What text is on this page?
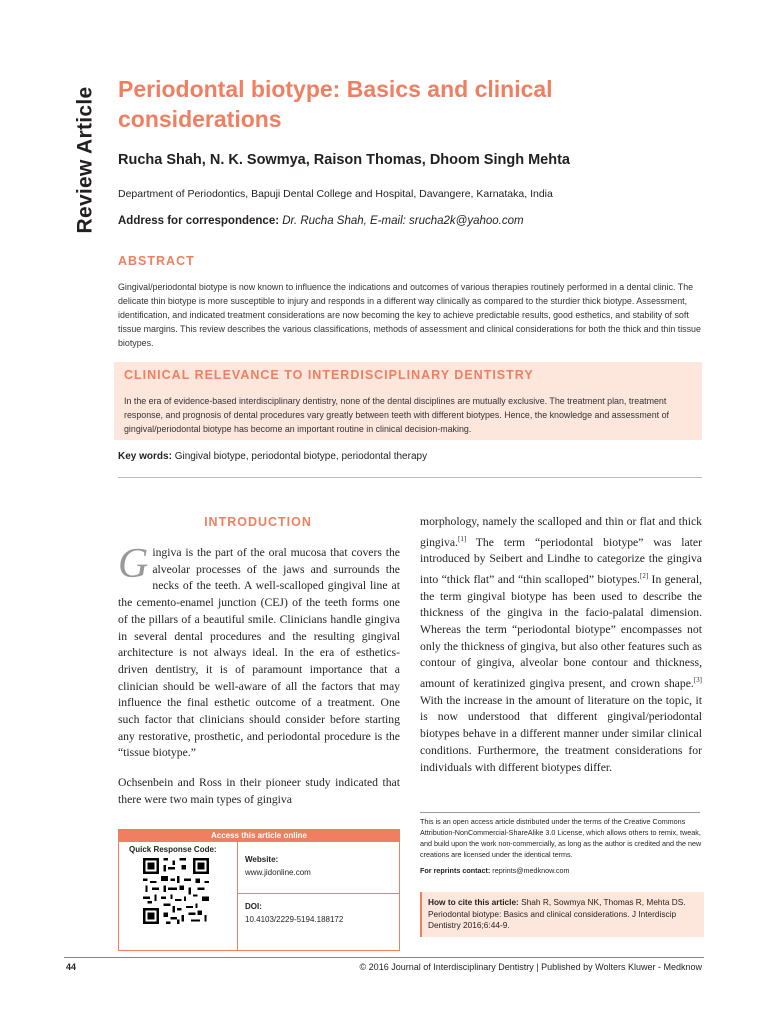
Review Article Periodontal biotype: Basics and clinical considerations
Rucha Shah, N. K. Sowmya, Raison Thomas, Dhoom Singh Mehta
Department of Periodontics, Bapuji Dental College and Hospital, Davangere, Karnataka, India
Address for correspondence: Dr. Rucha Shah, E-mail: srucha2k@yahoo.com
ABSTRACT
Gingival/periodontal biotype is now known to influence the indications and outcomes of various therapies routinely performed in a dental clinic. The delicate thin biotype is more susceptible to injury and responds in a different way clinically as compared to the sturdier thick biotype. Assessment, identification, and indicated treatment considerations are now becoming the key to achieve predictable results, good esthetics, and stability of soft tissue margins. This review describes the various classifications, methods of assessment and clinical considerations for both the thick and thin tissue biotypes.
CLINICAL RELEVANCE TO INTERDISCIPLINARY DENTISTRY
In the era of evidence-based interdisciplinary dentistry, none of the dental disciplines are mutually exclusive. The treatment plan, treatment response, and prognosis of dental procedures vary greatly between teeth with different biotypes. Hence, the knowledge and assessment of gingival/periodontal biotype has become an important routine in clinical decision-making.
Key words: Gingival biotype, periodontal biotype, periodontal therapy
INTRODUCTION
Gingiva is the part of the oral mucosa that covers the alveolar processes of the jaws and surrounds the necks of the teeth. A well-scalloped gingival line at the cemento-enamel junction (CEJ) of the teeth forms one of the pillars of a beautiful smile. Clinicians handle gingiva in several dental procedures and the resulting gingival architecture is not always ideal. In the era of esthetics-driven dentistry, it is of paramount importance that a clinician should be well-aware of all the factors that may influence the final esthetic outcome of a treatment. One such factor that clinicians should consider before starting any restorative, prosthetic, and periodontal procedure is the “tissue biotype.”
Ochsenbein and Ross in their pioneer study indicated that there were two main types of gingiva
morphology, namely the scalloped and thin or flat and thick gingiva.[1] The term “periodontal biotype” was later introduced by Seibert and Lindhe to categorize the gingiva into “thick flat” and “thin scalloped” biotypes.[2] In general, the term gingival biotype has been used to describe the thickness of the gingiva in the facio-palatal dimension. Whereas the term “periodontal biotype” encompasses not only the thickness of gingiva, but also other features such as contour of gingiva, alveolar bone contour and thickness, amount of keratinized gingiva present, and crown shape.[3] With the increase in the amount of literature on the topic, it is now understood that different gingival/periodontal biotypes behave in a different manner under similar clinical conditions. Furthermore, the treatment considerations for individuals with different biotypes differ.
Access this article online
Quick Response Code:
Website:
www.jidonline.com
DOI:
10.4103/2229-5194.188172
This is an open access article distributed under the terms of the Creative Commons Attribution-NonCommercial-ShareAlike 3.0 License, which allows others to remix, tweak, and build upon the work non-commercially, as long as the author is credited and the new creations are licensed under the identical terms.
For reprints contact: reprints@medknow.com
How to cite this article: Shah R, Sowmya NK, Thomas R, Mehta DS. Periodontal biotype: Basics and clinical considerations. J Interdiscip Dentistry 2016;6:44-9.
44	© 2016 Journal of Interdisciplinary Dentistry | Published by Wolters Kluwer - Medknow
